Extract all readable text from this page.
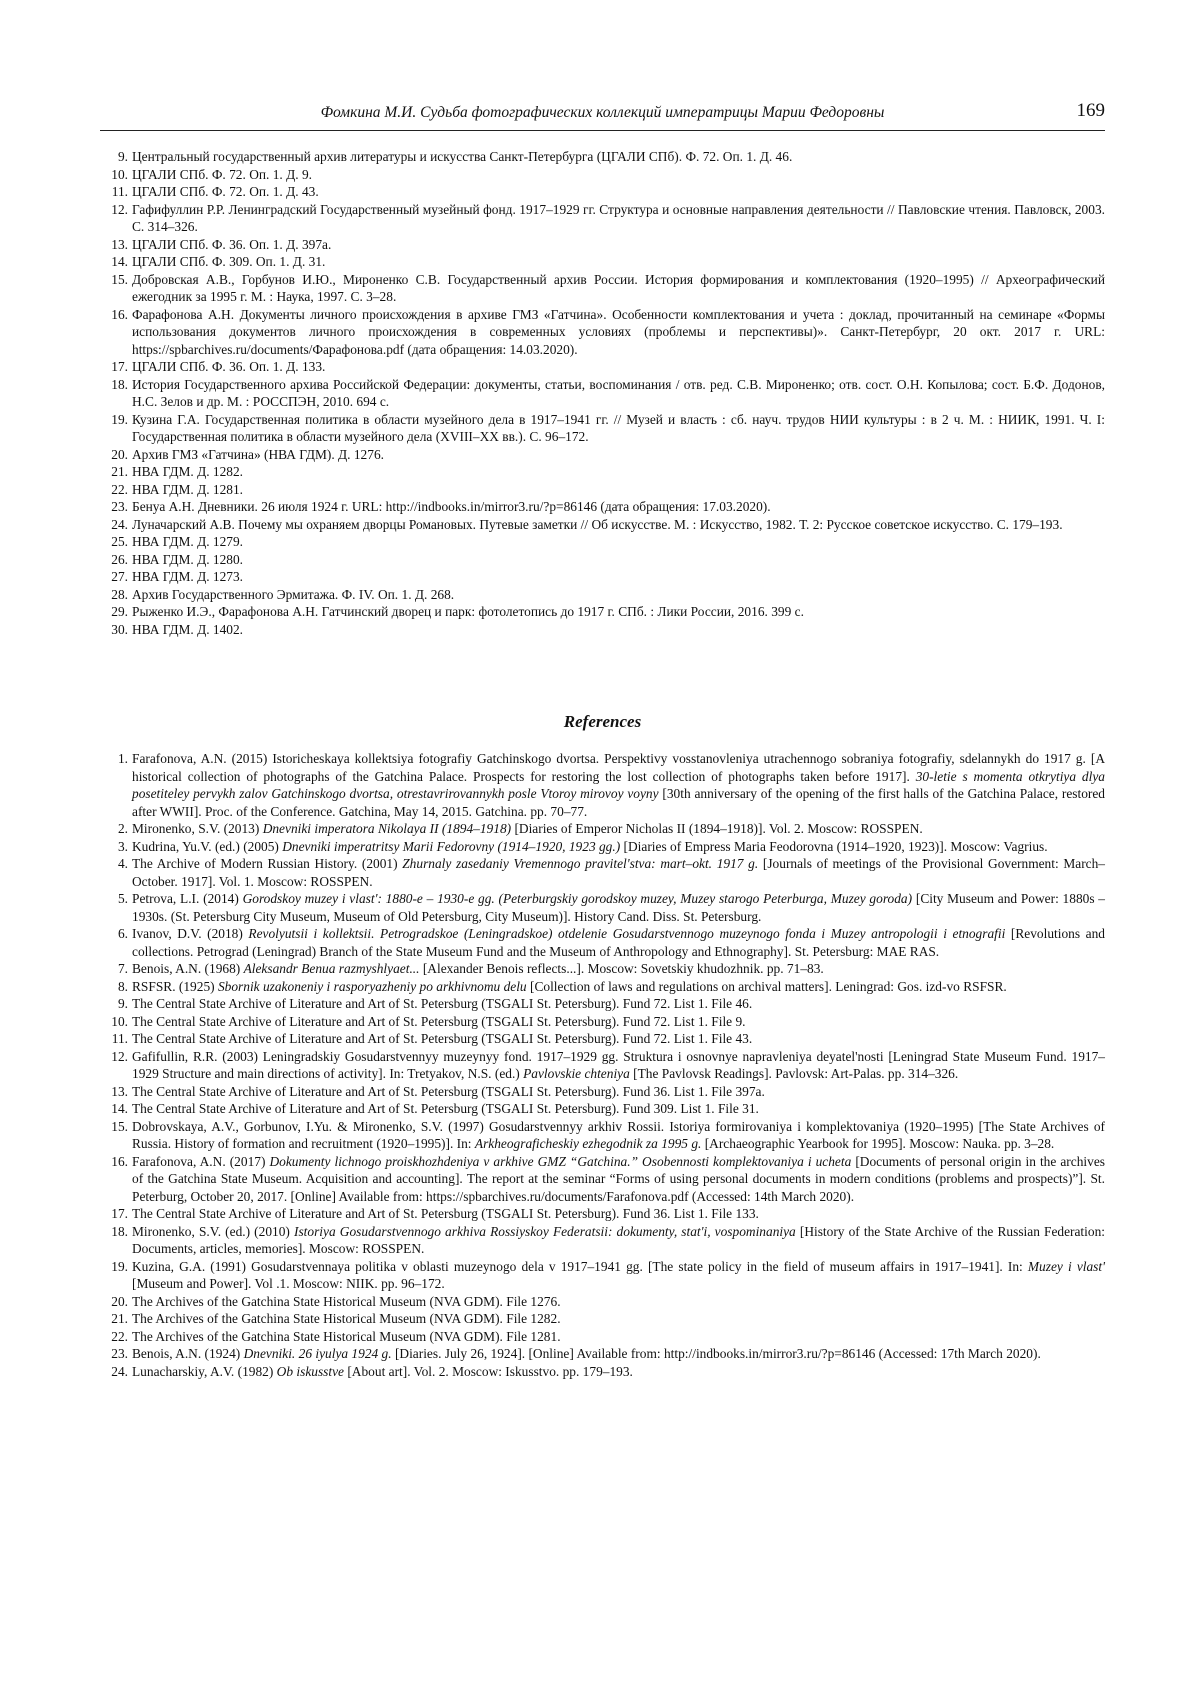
Фомкина М.И. Судьба фотографических коллекций императрицы Марии Федоровны	169
9. Центральный государственный архив литературы и искусства Санкт-Петербурга (ЦГАЛИ СПб). Ф. 72. Оп. 1. Д. 46.
10. ЦГАЛИ СПб. Ф. 72. Оп. 1. Д. 9.
11. ЦГАЛИ СПб. Ф. 72. Оп. 1. Д. 43.
12. Гафифуллин Р.Р. Ленинградский Государственный музейный фонд. 1917–1929 гг. Структура и основные направления деятельности // Павловские чтения. Павловск, 2003. С. 314–326.
13. ЦГАЛИ СПб. Ф. 36. Оп. 1. Д. 397а.
14. ЦГАЛИ СПб. Ф. 309. Оп. 1. Д. 31.
15. Добровская А.В., Горбунов И.Ю., Мироненко С.В. Государственный архив России. История формирования и комплектования (1920–1995) // Археографический ежегодник за 1995 г. М. : Наука, 1997. С. 3–28.
16. Фарафонова А.Н. Документы личного происхождения в архиве ГМЗ «Гатчина». Особенности комплектования и учета : доклад, прочитанный на семинаре «Формы использования документов личного происхождения в современных условиях (проблемы и перспективы)». Санкт-Петербург, 20 окт. 2017 г. URL: https://spbarchives.ru/documents/Фарафонова.pdf (дата обращения: 14.03.2020).
17. ЦГАЛИ СПб. Ф. 36. Оп. 1. Д. 133.
18. История Государственного архива Российской Федерации: документы, статьи, воспоминания / отв. ред. С.В. Мироненко; отв. сост. О.Н. Копылова; сост. Б.Ф. Додонов, Н.С. Зелов и др. М. : РОССПЭН, 2010. 694 с.
19. Кузина Г.А. Государственная политика в области музейного дела в 1917–1941 гг. // Музей и власть : сб. науч. трудов НИИ культуры : в 2 ч. М. : НИИК, 1991. Ч. I: Государственная политика в области музейного дела (XVIII–XX вв.). С. 96–172.
20. Архив ГМЗ «Гатчина» (НВА ГДМ). Д. 1276.
21. НВА ГДМ. Д. 1282.
22. НВА ГДМ. Д. 1281.
23. Бенуа А.Н. Дневники. 26 июля 1924 г. URL: http://indbooks.in/mirror3.ru/?p=86146 (дата обращения: 17.03.2020).
24. Луначарский А.В. Почему мы охраняем дворцы Романовых. Путевые заметки // Об искусстве. М. : Искусство, 1982. Т. 2: Русское советское искусство. С. 179–193.
25. НВА ГДМ. Д. 1279.
26. НВА ГДМ. Д. 1280.
27. НВА ГДМ. Д. 1273.
28. Архив Государственного Эрмитажа. Ф. IV. Оп. 1. Д. 268.
29. Рыженко И.Э., Фарафонова А.Н. Гатчинский дворец и парк: фотолетопись до 1917 г. СПб. : Лики России, 2016. 399 с.
30. НВА ГДМ. Д. 1402.
References
1. Farafonova, A.N. (2015) Istoricheskaya kollektsiya fotografiy Gatchinskogo dvortsa. Perspektivy vosstanovleniya utrachennogo sobraniya fotografiy, sdelannykh do 1917 g. [A historical collection of photographs of the Gatchina Palace. Prospects for restoring the lost collection of photographs taken before 1917]. 30-letie s momenta otkrytiya dlya posetiteley pervykh zalov Gatchinskogo dvortsa, otrestavrirovannykh posle Vtoroy mirovoy voyny [30th anniversary of the opening of the first halls of the Gatchina Palace, restored after WWII]. Proc. of the Conference. Gatchina, May 14, 2015. Gatchina. pp. 70–77.
2. Mironenko, S.V. (2013) Dnevniki imperatora Nikolaya II (1894–1918) [Diaries of Emperor Nicholas II (1894–1918)]. Vol. 2. Moscow: ROSSPEN.
3. Kudrina, Yu.V. (ed.) (2005) Dnevniki imperatritsy Marii Fedorovny (1914–1920, 1923 gg.) [Diaries of Empress Maria Feodorovna (1914–1920, 1923)]. Moscow: Vagrius.
4. The Archive of Modern Russian History. (2001) Zhurnaly zasedaniy Vremennogo pravitel'stva: mart–okt. 1917 g. [Journals of meetings of the Provisional Government: March–October. 1917]. Vol. 1. Moscow: ROSSPEN.
5. Petrova, L.I. (2014) Gorodskoy muzey i vlast': 1880-e – 1930-e gg. (Peterburgskiy gorodskoy muzey, Muzey starogo Peterburga, Muzey goroda) [City Museum and Power: 1880s – 1930s. (St. Petersburg City Museum, Museum of Old Petersburg, City Museum)]. History Cand. Diss. St. Petersburg.
6. Ivanov, D.V. (2018) Revolyutsii i kollektsii. Petrogradskoe (Leningradskoe) otdelenie Gosudarstvennogo muzeynogo fonda i Muzey antropologii i etnografii [Revolutions and collections. Petrograd (Leningrad) Branch of the State Museum Fund and the Museum of Anthropology and Ethnography]. St. Petersburg: MAE RAS.
7. Benois, A.N. (1968) Aleksandr Benua razmyshlyaet... [Alexander Benois reflects...]. Moscow: Sovetskiy khudozhnik. pp. 71–83.
8. RSFSR. (1925) Sbornik uzakoneniy i rasporyazheniy po arkhivnomu delu [Collection of laws and regulations on archival matters]. Leningrad: Gos. izd-vo RSFSR.
9. The Central State Archive of Literature and Art of St. Petersburg (TSGALI St. Petersburg). Fund 72. List 1. File 46.
10. The Central State Archive of Literature and Art of St. Petersburg (TSGALI St. Petersburg). Fund 72. List 1. File 9.
11. The Central State Archive of Literature and Art of St. Petersburg (TSGALI St. Petersburg). Fund 72. List 1. File 43.
12. Gafifullin, R.R. (2003) Leningradskiy Gosudarstvennyy muzeynyy fond. 1917–1929 gg. Struktura i osnovnye napravleniya deyatel'nosti [Leningrad State Museum Fund. 1917–1929 Structure and main directions of activity]. In: Tretyakov, N.S. (ed.) Pavlovskie chteniya [The Pavlovsk Readings]. Pavlovsk: Art-Palas. pp. 314–326.
13. The Central State Archive of Literature and Art of St. Petersburg (TSGALI St. Petersburg). Fund 36. List 1. File 397a.
14. The Central State Archive of Literature and Art of St. Petersburg (TSGALI St. Petersburg). Fund 309. List 1. File 31.
15. Dobrovskaya, A.V., Gorbunov, I.Yu. & Mironenko, S.V. (1997) Gosudarstvennyy arkhiv Rossii. Istoriya formirovaniya i komplektovaniya (1920–1995) [The State Archives of Russia. History of formation and recruitment (1920–1995)]. In: Arkheograficheskiy ezhegodnik za 1995 g. [Archaeographic Yearbook for 1995]. Moscow: Nauka. pp. 3–28.
16. Farafonova, A.N. (2017) Dokumenty lichnogo proiskhozhdeniya v arkhive GMZ “Gatchina.” Osobennosti komplektovaniya i ucheta [Documents of personal origin in the archives of the Gatchina State Museum. Acquisition and accounting]. The report at the seminar “Forms of using personal documents in modern conditions (problems and prospects)”]. St. Peterburg, October 20, 2017. [Online] Available from: https://spbarchives.ru/documents/Farafonova.pdf (Accessed: 14th March 2020).
17. The Central State Archive of Literature and Art of St. Petersburg (TSGALI St. Petersburg). Fund 36. List 1. File 133.
18. Mironenko, S.V. (ed.) (2010) Istoriya Gosudarstvennogo arkhiva Rossiyskoy Federatsii: dokumenty, stat'i, vospominaniya [History of the State Archive of the Russian Federation: Documents, articles, memories]. Moscow: ROSSPEN.
19. Kuzina, G.A. (1991) Gosudarstvennaya politika v oblasti muzeynogo dela v 1917–1941 gg. [The state policy in the field of museum affairs in 1917–1941]. In: Muzey i vlast' [Museum and Power]. Vol .1. Moscow: NIIK. pp. 96–172.
20. The Archives of the Gatchina State Historical Museum (NVA GDM). File 1276.
21. The Archives of the Gatchina State Historical Museum (NVA GDM). File 1282.
22. The Archives of the Gatchina State Historical Museum (NVA GDM). File 1281.
23. Benois, A.N. (1924) Dnevniki. 26 iyulya 1924 g. [Diaries. July 26, 1924]. [Online] Available from: http://indbooks.in/mirror3.ru/?p=86146 (Accessed: 17th March 2020).
24. Lunacharskiy, A.V. (1982) Ob iskusstve [About art]. Vol. 2. Moscow: Iskusstvo. pp. 179–193.
